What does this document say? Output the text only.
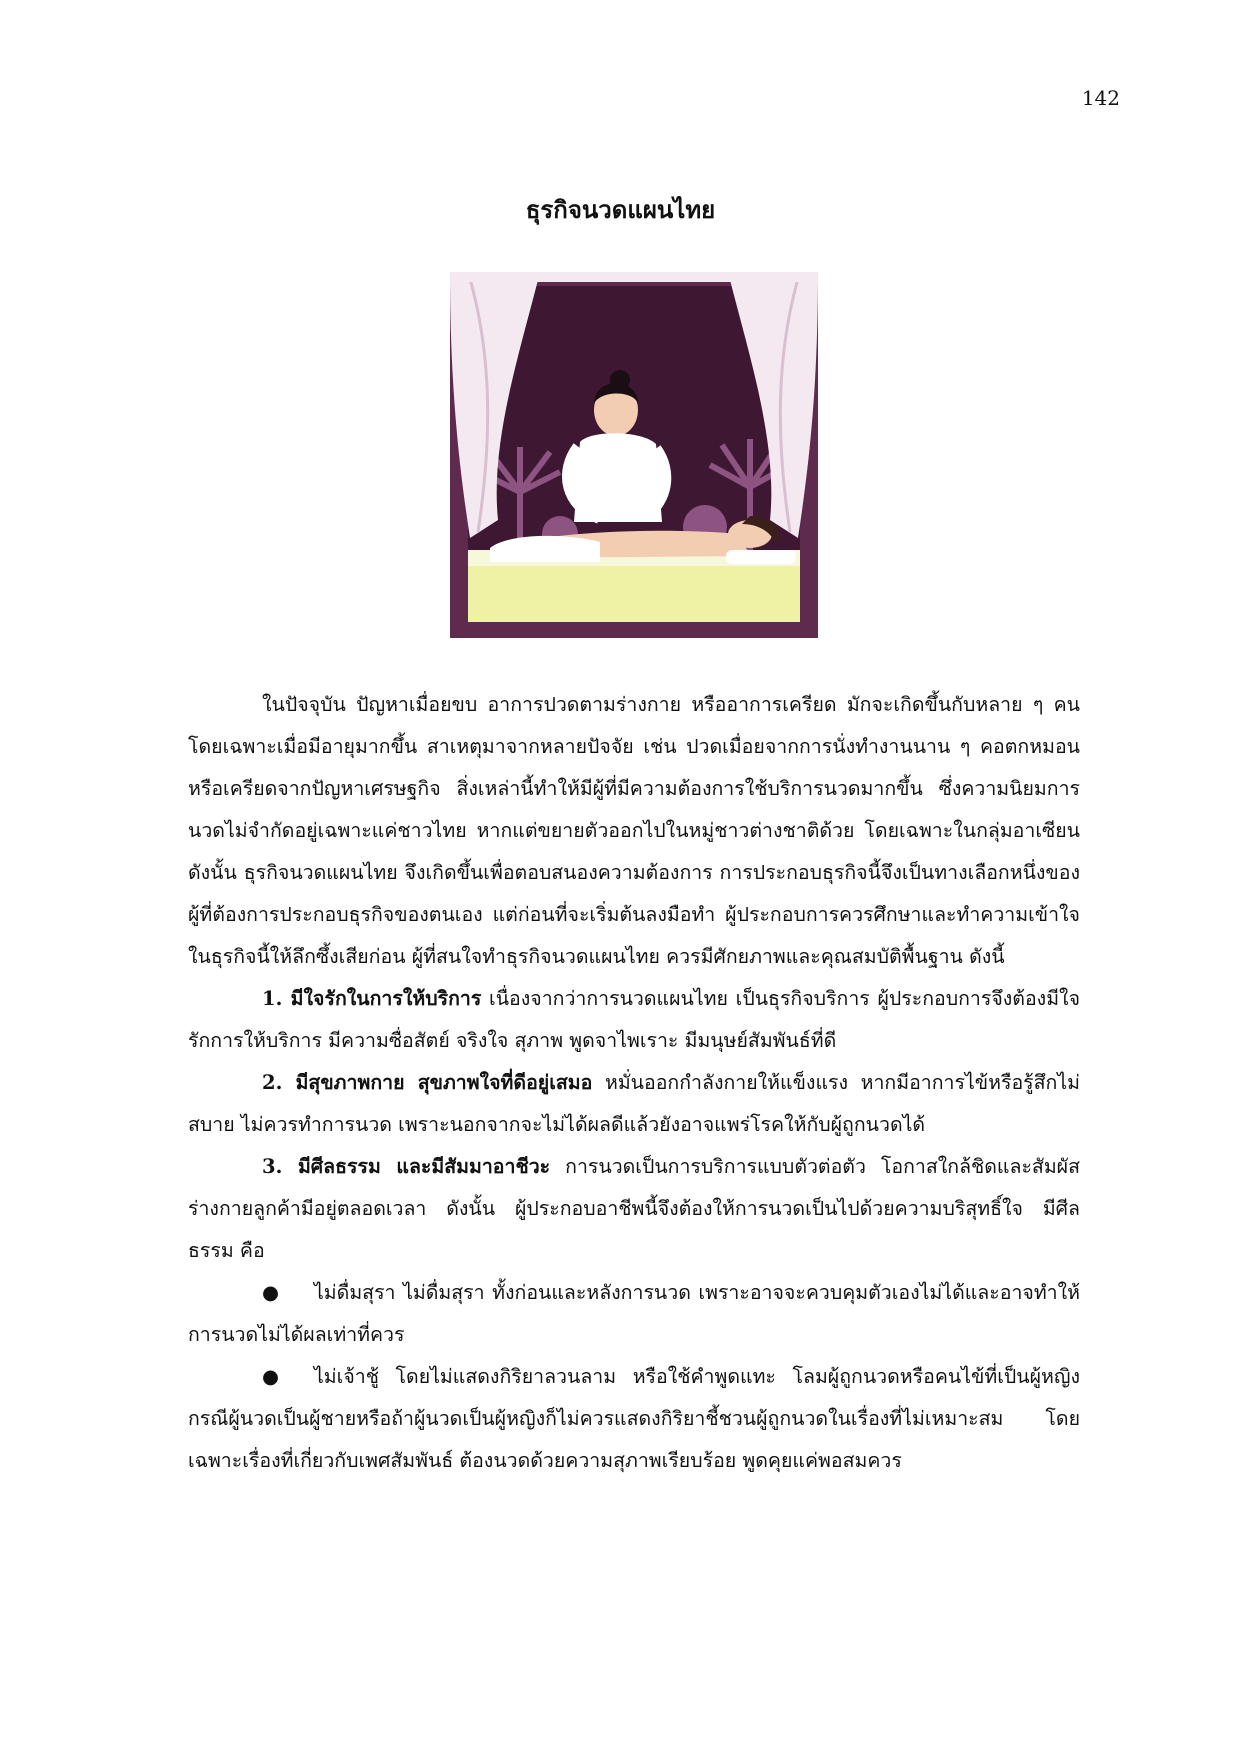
142
ธุรกิจนวดแผนไทย

ในปัจจุบัน ปัญหาเมื่อยขบ อาการปวดตามร่างกาย หรืออาการเครียด มักจะเกิดขึ้นกับหลาย ๆ คนโดยเฉพาะเมื่อมีอายุมากขึ้น สาเหตุมาจากหลายปัจจัย เช่น ปวดเมื่อยจากการนั่งทำงานนาน ๆ คอตกหมอน หรือเครียดจากปัญหาเศรษฐกิจ สิ่งเหล่านี้ทำให้มีผู้ที่มีความต้องการใช้บริการนวดมากขึ้น ซึ่งความนิยมการนวดไม่จำกัดอยู่เฉพาะแค่ชาวไทย หากแต่ขยายตัวออกไปในหมู่ชาวต่างชาติด้วย โดยเฉพาะในกลุ่มอาเซียน ดังนั้น ธุรกิจนวดแผนไทย จึงเกิดขึ้นเพื่อตอบสนองความต้องการ การประกอบธุรกิจนี้จึงเป็นทางเลือกหนึ่งของผู้ที่ต้องการประกอบธุรกิจของตนเอง แต่ก่อนที่จะเริ่มต้นลงมือทำ ผู้ประกอบการควรศึกษาและทำความเข้าใจในธุรกิจนี้ให้ลึกซึ้งเสียก่อน ผู้ที่สนใจทำธุรกิจนวดแผนไทย ควรมีศักยภาพและคุณสมบัติพื้นฐาน ดังนี้

1. มีใจรักในการให้บริการ เนื่องจากว่าการนวดแผนไทย เป็นธุรกิจบริการ ผู้ประกอบการจึงต้องมีใจรักการให้บริการ มีความซื่อสัตย์ จริงใจ สุภาพ พูดจาไพเราะ มีมนุษย์สัมพันธ์ที่ดี

2. มีสุขภาพกาย สุขภาพใจที่ดีอยู่เสมอ หมั่นออกกำลังกายให้แข็งแรง หากมีอาการไข้หรือรู้สึกไม่สบาย ไม่ควรทำการนวด เพราะนอกจากจะไม่ได้ผลดีแล้วยังอาจแพร่โรคให้กับผู้ถูกนวดได้

3. มีศีลธรรม และมีสัมมาอาชีวะ การนวดเป็นการบริการแบบตัวต่อตัว โอกาสใกล้ชิดและสัมผัสร่างกายลูกค้ามีอยู่ตลอดเวลา ดังนั้น ผู้ประกอบอาชีพนี้จึงต้องให้การนวดเป็นไปด้วยความบริสุทธิ์ใจ มีศีลธรรม คือ

● ไม่ดื่มสุรา ไม่ดื่มสุรา ทั้งก่อนและหลังการนวด เพราะอาจจะควบคุมตัวเองไม่ได้และอาจทำให้การนวดไม่ได้ผลเท่าที่ควร

● ไม่เจ้าชู้ โดยไม่แสดงกิริยาลวนลาม หรือใช้คำพูดแทะ โลมผู้ถูกนวดหรือคนไข้ที่เป็นผู้หญิง กรณีผู้นวดเป็นผู้ชายหรือถ้าผู้นวดเป็นผู้หญิงก็ไม่ควรแสดงกิริยาชี้ชวนผู้ถูกนวดในเรื่องที่ไม่เหมาะสม โดยเฉพาะเรื่องที่เกี่ยวกับเพศสัมพันธ์ ต้องนวดด้วยความสุภาพเรียบร้อย พูดคุยแค่พอสมควร
